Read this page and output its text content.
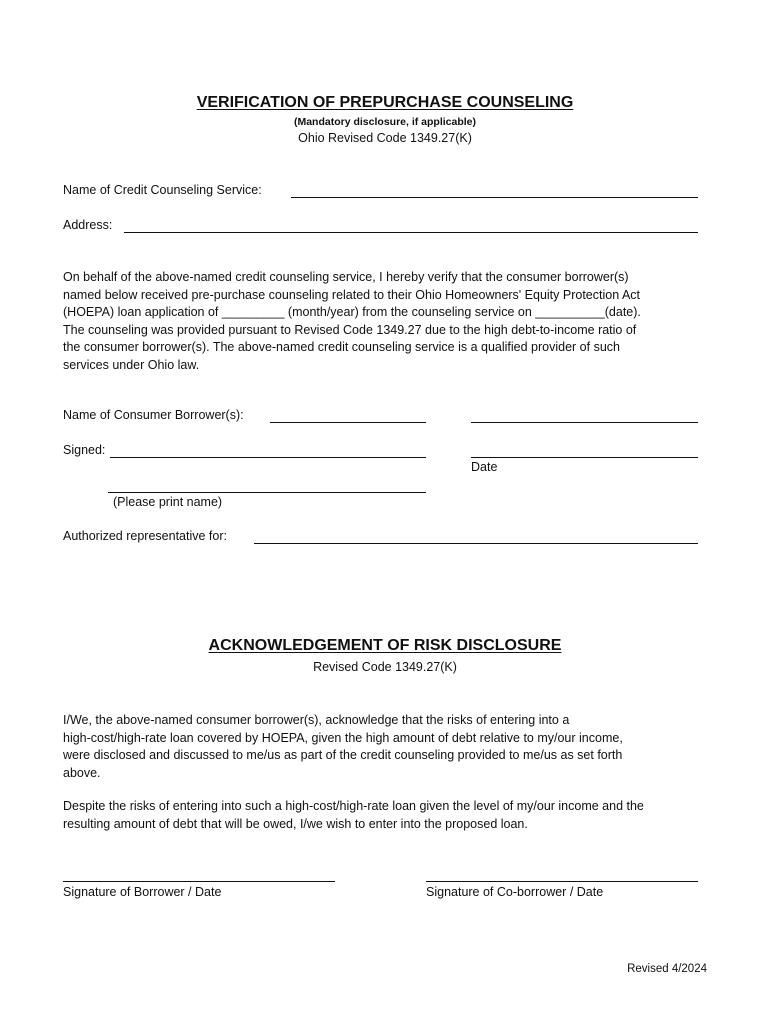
VERIFICATION OF PREPURCHASE COUNSELING
(Mandatory disclosure, if applicable)
Ohio Revised Code 1349.27(K)
Name of Credit Counseling Service:
Address:
On behalf of the above-named credit counseling service, I hereby verify that the consumer borrower(s)
named below received pre-purchase counseling related to their Ohio Homeowners' Equity Protection Act
(HOEPA) loan application of _________ (month/year) from the counseling service on __________(date).
The counseling was provided pursuant to Revised Code 1349.27 due to the high debt-to-income ratio of
the consumer borrower(s). The above-named credit counseling service is a qualified provider of such
services under Ohio law.
Name of Consumer Borrower(s):
Signed:
Date
(Please print name)
Authorized representative for:
ACKNOWLEDGEMENT OF RISK DISCLOSURE
Revised Code 1349.27(K)
I/We, the above-named consumer borrower(s), acknowledge that the risks of entering into a
high-cost/high-rate loan covered by HOEPA, given the high amount of debt relative to my/our income,
were disclosed and discussed to me/us as part of the credit counseling provided to me/us as set forth
above.
Despite the risks of entering into such a high-cost/high-rate loan given the level of my/our income and the
resulting amount of debt that will be owed, I/we wish to enter into the proposed loan.
Signature of Borrower / Date	Signature of Co-borrower / Date
Revised 4/2024
